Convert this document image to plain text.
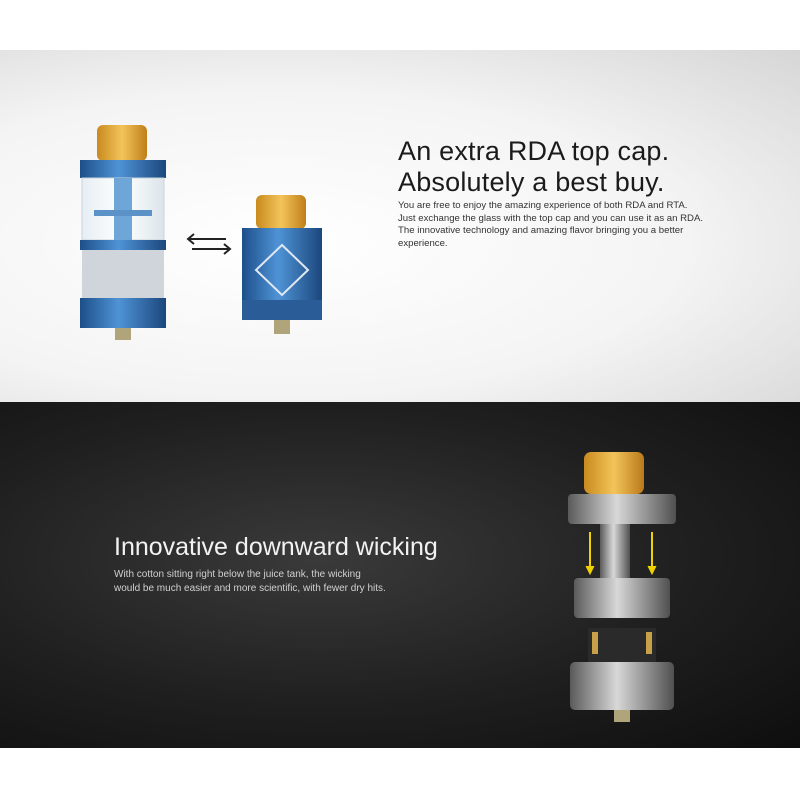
An extra RDA top cap.
Absolutely a best buy.
You are free to enjoy the amazing experience of both RDA and RTA.
Just exchange the glass with the top cap and you can use it as an RDA.
The innovative technology and amazing flavor bringing you a better
experience.
Innovative downward wicking
With cotton sitting right below the juice tank, the wicking
would be much easier and more scientific, with fewer dry hits.
